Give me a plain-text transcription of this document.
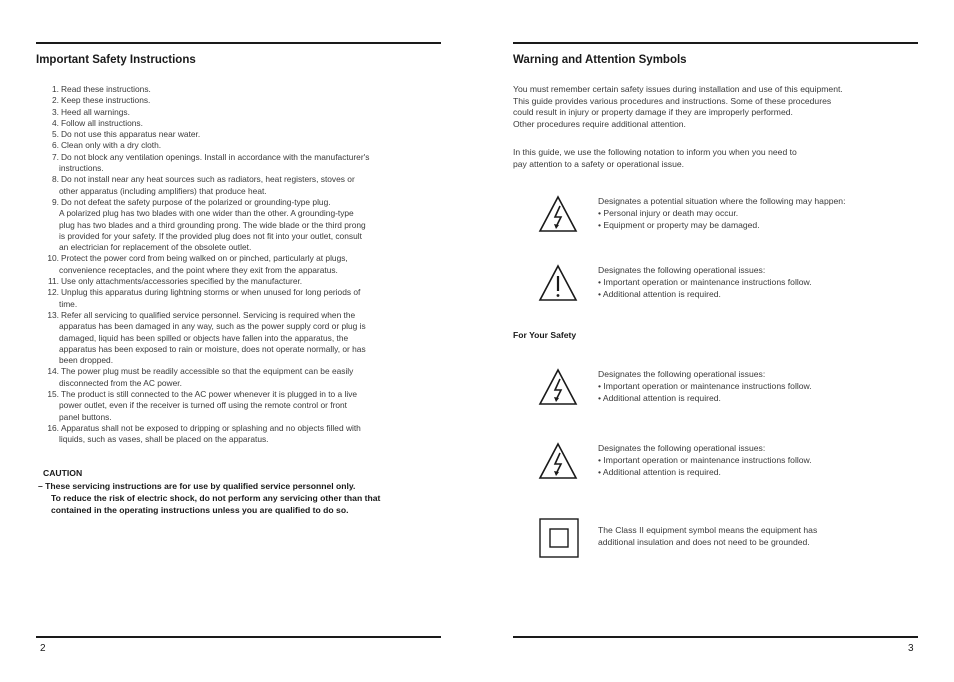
Important Safety Instructions
1. Read these instructions.
2. Keep these instructions.
3. Heed all warnings.
4. Follow all instructions.
5. Do not use this apparatus near water.
6. Clean only with a dry cloth.
7. Do not block any ventilation openings. Install in accordance with the manufacturer's
instructions.
8. Do not install near any heat sources such as radiators, heat registers, stoves or
other apparatus (including amplifiers) that produce heat.
9. Do not defeat the safety purpose of the polarized or grounding-type plug.
A polarized plug has two blades with one wider than the other. A grounding-type
plug has two blades and a third grounding prong. The wide blade or the third prong
is provided for your safety. If the provided plug does not fit into your outlet, consult
an electrician for replacement of the obsolete outlet.
10. Protect the power cord from being walked on or pinched, particularly at plugs,
convenience receptacles, and the point where they exit from the apparatus.
11. Use only attachments/accessories specified by the manufacturer.
12. Unplug this apparatus during lightning storms or when unused for long periods of
time.
13. Refer all servicing to qualified service personnel. Servicing is required when the
apparatus has been damaged in any way, such as the power supply cord or plug is
damaged, liquid has been spilled or objects have fallen into the apparatus, the
apparatus has been exposed to rain or moisture, does not operate normally, or has
been dropped.
14. The power plug must be readily accessible so that the equipment can be easily
disconnected from the AC power.
15. The product is still connected to the AC power whenever it is plugged in to a live
power outlet, even if the receiver is turned off using the remote control or front
panel buttons.
16. Apparatus shall not be exposed to dripping or splashing and no objects filled with
liquids, such as vases, shall be placed on the apparatus.
CAUTION
– These servicing instructions are for use by qualified service personnel only.
To reduce the risk of electric shock, do not perform any servicing other than that
contained in the operating instructions unless you are qualified to do so.
2
Warning and Attention Symbols
You must remember certain safety issues during installation and use of this equipment.
This guide provides various procedures and instructions. Some of these procedures
could result in injury or property damage if they are improperly performed.
Other procedures require additional attention.
In this guide, we use the following notation to inform you when you need to
pay attention to a safety or operational issue.
Designates a potential situation where the following may happen:
• Personal injury or death may occur.
• Equipment or property may be damaged.
Designates the following operational issues:
• Important operation or maintenance instructions follow.
• Additional attention is required.
For Your Safety
Designates the following operational issues:
• Important operation or maintenance instructions follow.
• Additional attention is required.
Designates the following operational issues:
• Important operation or maintenance instructions follow.
• Additional attention is required.
The Class II equipment symbol means the equipment has
additional insulation and does not need to be grounded.
3
